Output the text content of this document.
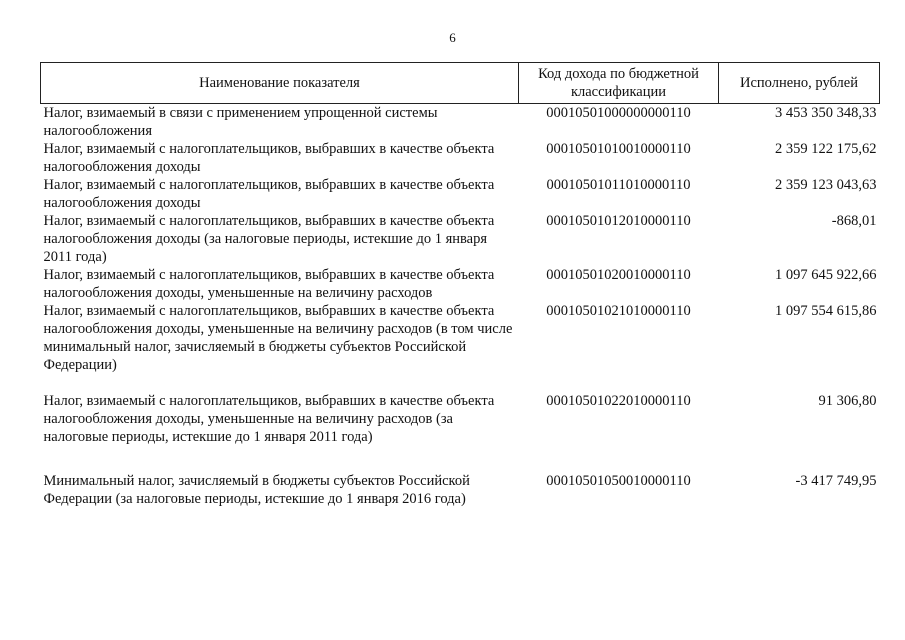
6
Наименование показателя	Код дохода по бюджетной классификации	Исполнено, рублей
Налог, взимаемый в связи с применением упрощенной системы налогообложения	00010501000000000110	3 453 350 348,33
Налог, взимаемый с налогоплательщиков, выбравших в качестве объекта налогообложения доходы	00010501010010000110	2 359 122 175,62
Налог, взимаемый с налогоплательщиков, выбравших в качестве объекта налогообложения доходы	00010501011010000110	2 359 123 043,63
Налог, взимаемый с налогоплательщиков, выбравших в качестве объекта налогообложения доходы (за налоговые периоды, истекшие до 1 января 2011 года)	00010501012010000110	-868,01
Налог, взимаемый с налогоплательщиков, выбравших в качестве объекта налогообложения доходы, уменьшенные на величину расходов	00010501020010000110	1 097 645 922,66
Налог, взимаемый с налогоплательщиков, выбравших в качестве объекта налогообложения доходы, уменьшенные на величину расходов (в том числе минимальный налог, зачисляемый в бюджеты субъектов Российской Федерации)	00010501021010000110	1 097 554 615,86
Налог, взимаемый с налогоплательщиков, выбравших в качестве объекта налогообложения доходы, уменьшенные на величину расходов (за налоговые периоды, истекшие до 1 января 2011 года)	00010501022010000110	91 306,80
Минимальный налог, зачисляемый в бюджеты субъектов Российской Федерации (за налоговые периоды, истекшие до 1 января 2016 года)	00010501050010000110	-3 417 749,95
